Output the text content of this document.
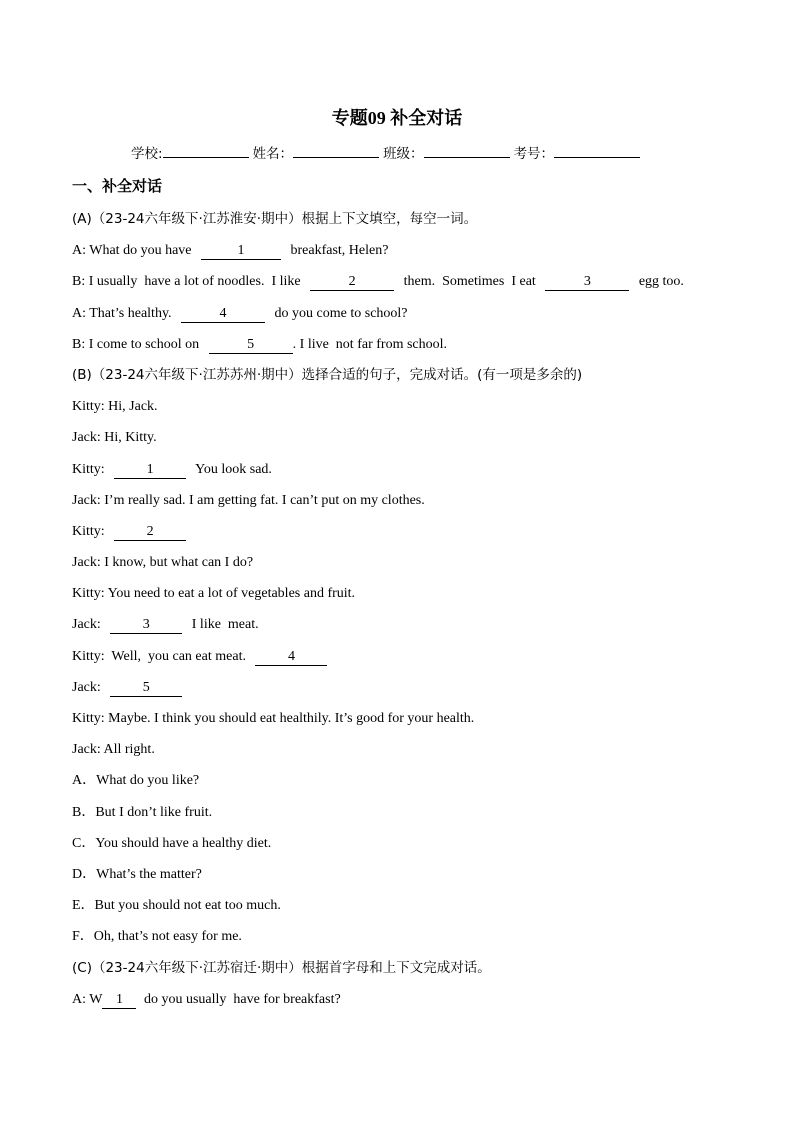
专题09 补全对话
学校:	姓名：	班级：	考号：
一、补全对话
(A)（23-24六年级下·江苏淮安·期中）根据上下文填空，每空一词。
A: What do you have	1	breakfast, Helen?
B: I usually  have a lot of noodles.  I like	2	them.  Sometimes  I eat	3	egg too.
A: That’s healthy.	4	do you come to school?
B: I come to school on	5	. I live  not far from school.
(B)（23-24六年级下·江苏苏州·期中）选择合适的句子，完成对话。(有一项是多余的)
Kitty: Hi, Jack.
Jack: Hi, Kitty.
Kitty:	1	You look sad.
Jack: I’m really sad. I am getting fat. I can’t put on my clothes.
Kitty:	2
Jack: I know, but what can I do?
Kitty: You need to eat a lot of vegetables and fruit.
Jack:	3	I like  meat.
Kitty:  Well,  you can eat meat.	4
Jack:	5
Kitty: Maybe. I think you should eat healthily. It’s good for your health.
Jack: All right.
A．What do you like?
B．But I don’t like fruit.
C．You should have a healthy diet.
D．What’s the matter?
E．But you should not eat too much.
F．Oh, that’s not easy for me.
(C)（23-24六年级下·江苏宿迁·期中）根据首字母和上下文完成对话。
A: W 1 do you usually  have for breakfast?
